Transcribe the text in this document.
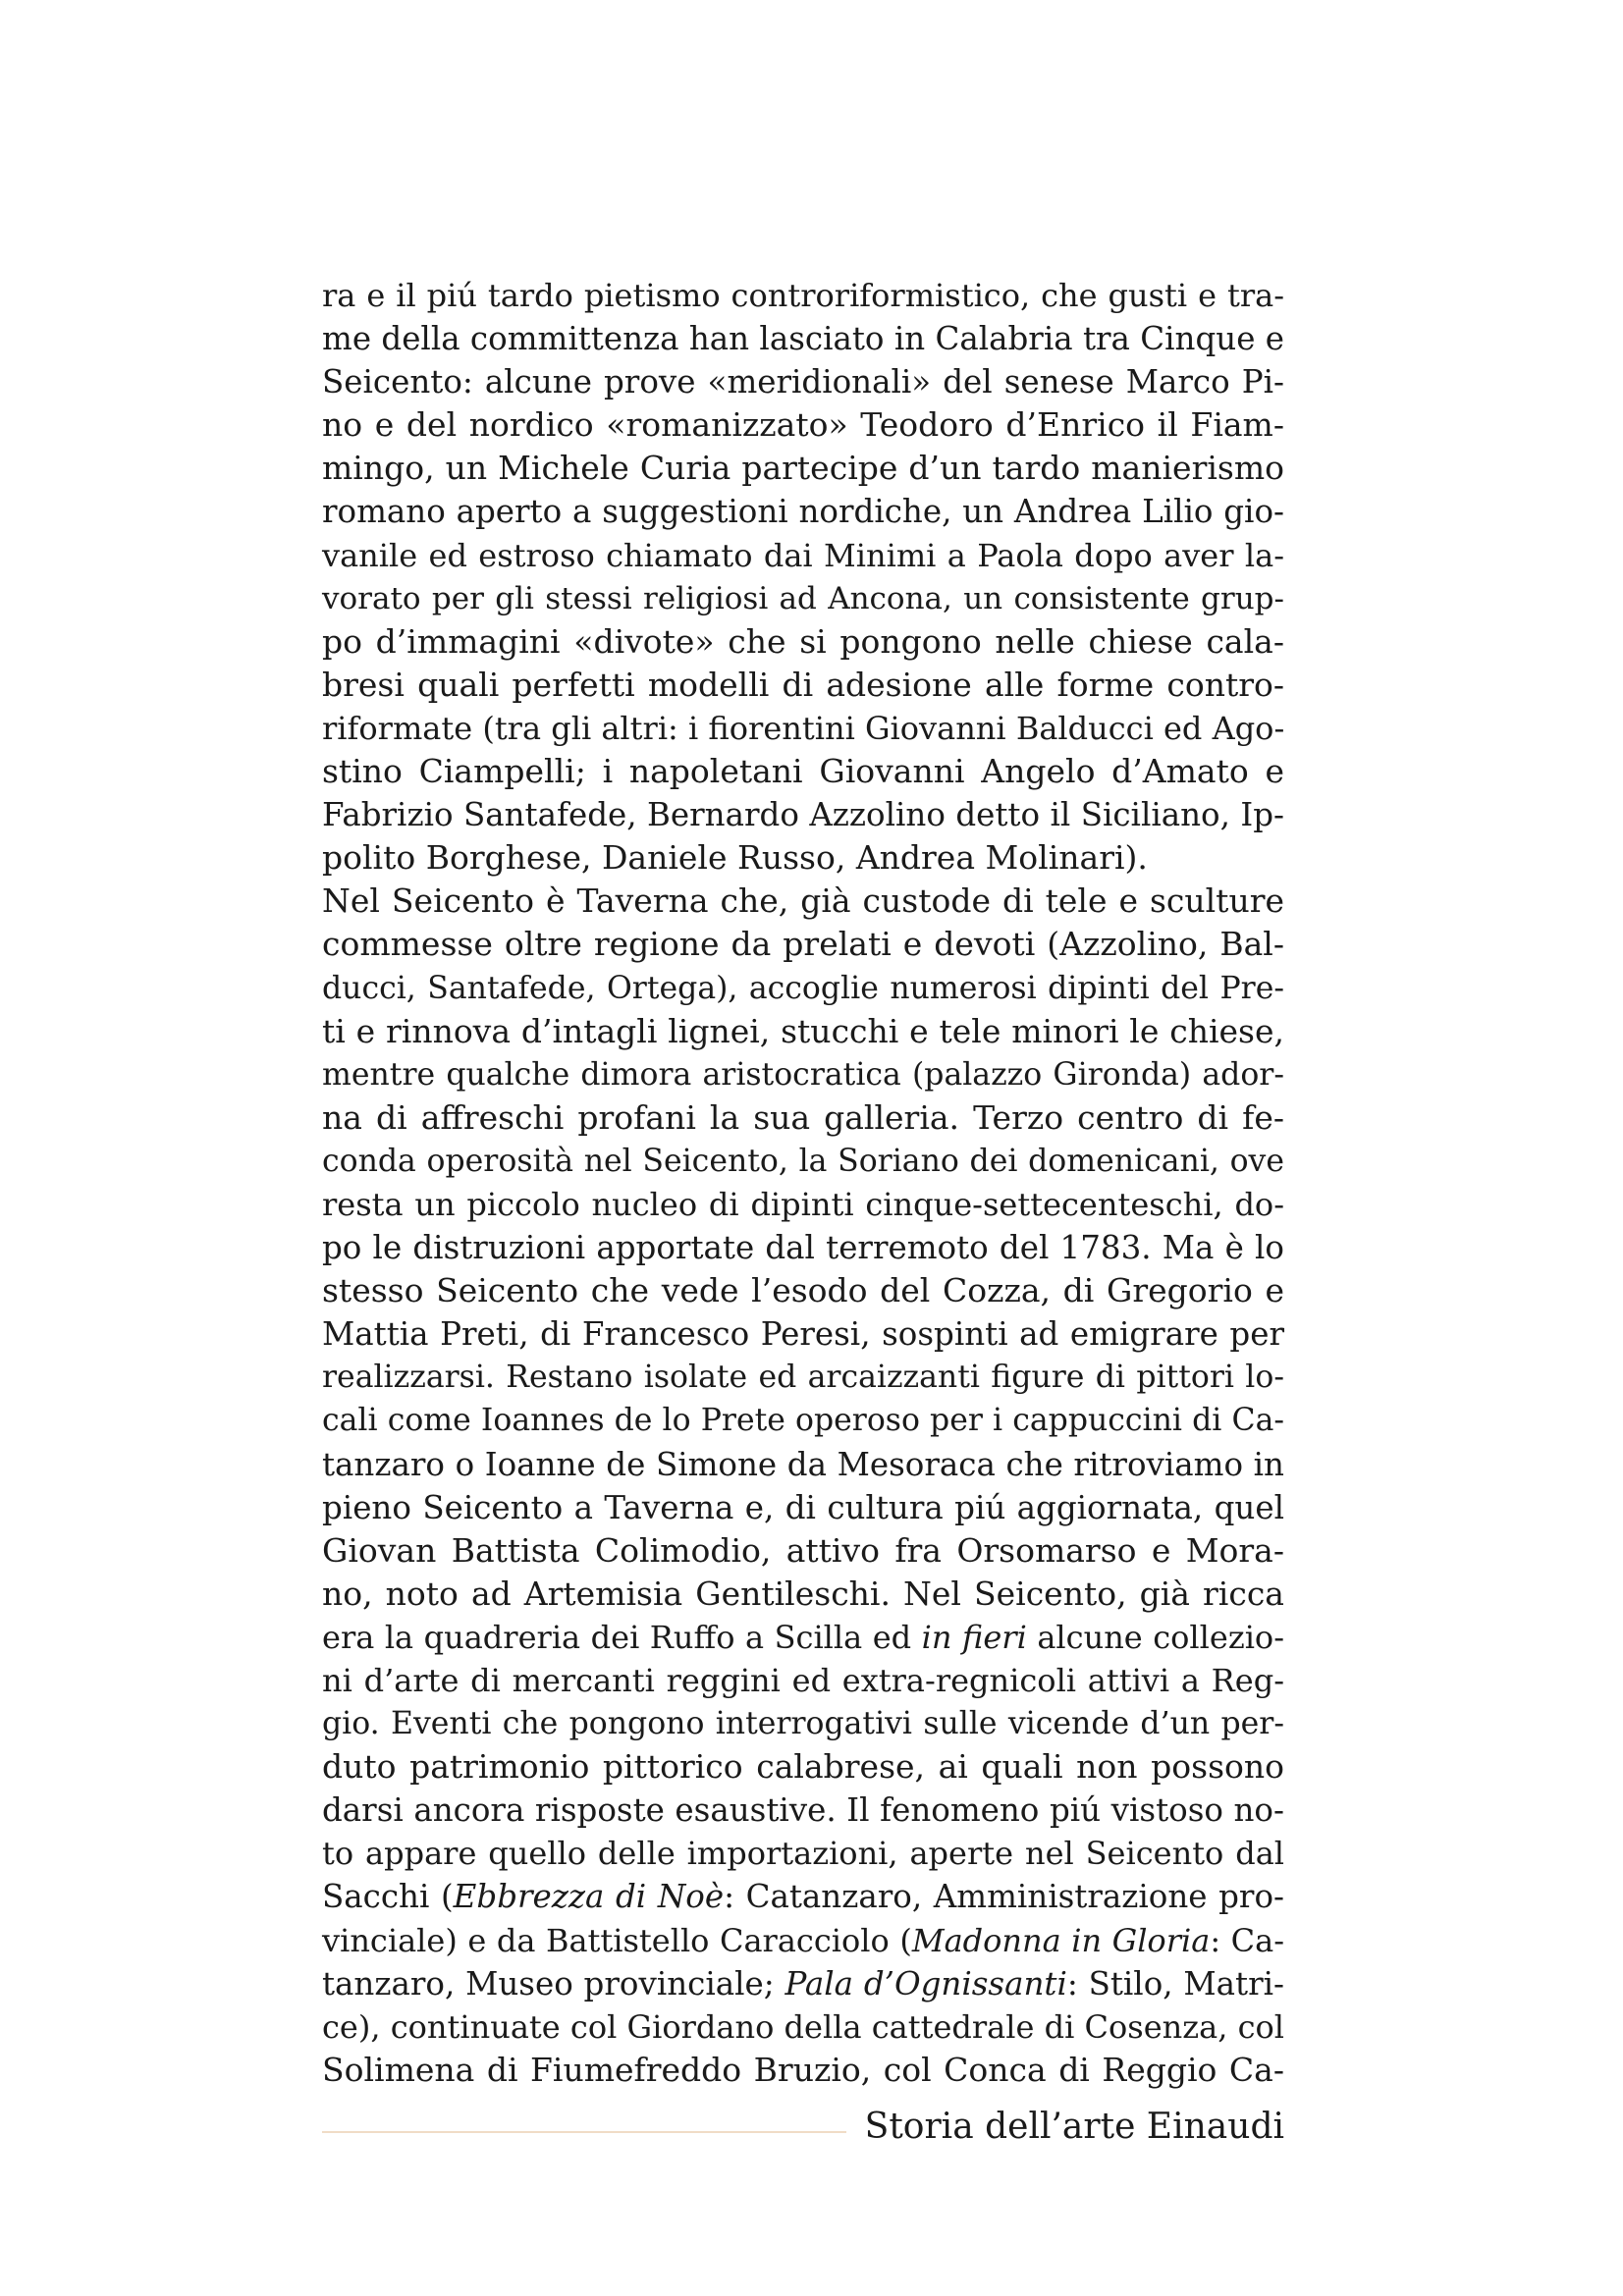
ra e il piú tardo pietismo controriformistico, che gusti e tra-
me della committenza han lasciato in Calabria tra Cinque e
Seicento: alcune prove «meridionali» del senese Marco Pi-
no e del nordico «romanizzato» Teodoro d’Enrico il Fiam-
mingo, un Michele Curia partecipe d’un tardo manierismo
romano aperto a suggestioni nordiche, un Andrea Lilio gio-
vanile ed estroso chiamato dai Minimi a Paola dopo aver la-
vorato per gli stessi religiosi ad Ancona, un consistente grup-
po d’immagini «divote» che si pongono nelle chiese cala-
bresi quali perfetti modelli di adesione alle forme contro-
riformate (tra gli altri: i fiorentini Giovanni Balducci ed Ago-
stino Ciampelli; i napoletani Giovanni Angelo d’Amato e
Fabrizio Santafede, Bernardo Azzolino detto il Siciliano, Ip-
polito Borghese, Daniele Russo, Andrea Molinari).
Nel Seicento è Taverna che, già custode di tele e sculture
commesse oltre regione da prelati e devoti (Azzolino, Bal-
ducci, Santafede, Ortega), accoglie numerosi dipinti del Pre-
ti e rinnova d’intagli lignei, stucchi e tele minori le chiese,
mentre qualche dimora aristocratica (palazzo Gironda) ador-
na di affreschi profani la sua galleria. Terzo centro di fe-
conda operosità nel Seicento, la Soriano dei domenicani, ove
resta un piccolo nucleo di dipinti cinque-settecenteschi, do-
po le distruzioni apportate dal terremoto del 1783. Ma è lo
stesso Seicento che vede l’esodo del Cozza, di Gregorio e
Mattia Preti, di Francesco Peresi, sospinti ad emigrare per
realizzarsi. Restano isolate ed arcaizzanti figure di pittori lo-
cali come Ioannes de lo Prete operoso per i cappuccini di Ca-
tanzaro o Ioanne de Simone da Mesoraca che ritroviamo in
pieno Seicento a Taverna e, di cultura piú aggiornata, quel
Giovan Battista Colimodio, attivo fra Orsomarso e Mora-
no, noto ad Artemisia Gentileschi. Nel Seicento, già ricca
era la quadreria dei Ruffo a Scilla ed in fieri alcune collezio-
ni d’arte di mercanti reggini ed extra-regnicoli attivi a Reg-
gio. Eventi che pongono interrogativi sulle vicende d’un per-
duto patrimonio pittorico calabrese, ai quali non possono
darsi ancora risposte esaustive. Il fenomeno piú vistoso no-
to appare quello delle importazioni, aperte nel Seicento dal
Sacchi (Ebbrezza di Noè: Catanzaro, Amministrazione pro-
vinciale) e da Battistello Caracciolo (Madonna in Gloria: Ca-
tanzaro, Museo provinciale; Pala d’Ognissanti: Stilo, Matri-
ce), continuate col Giordano della cattedrale di Cosenza, col
Solimena di Fiumefreddo Bruzio, col Conca di Reggio Ca-
Storia dell’arte Einaudi
